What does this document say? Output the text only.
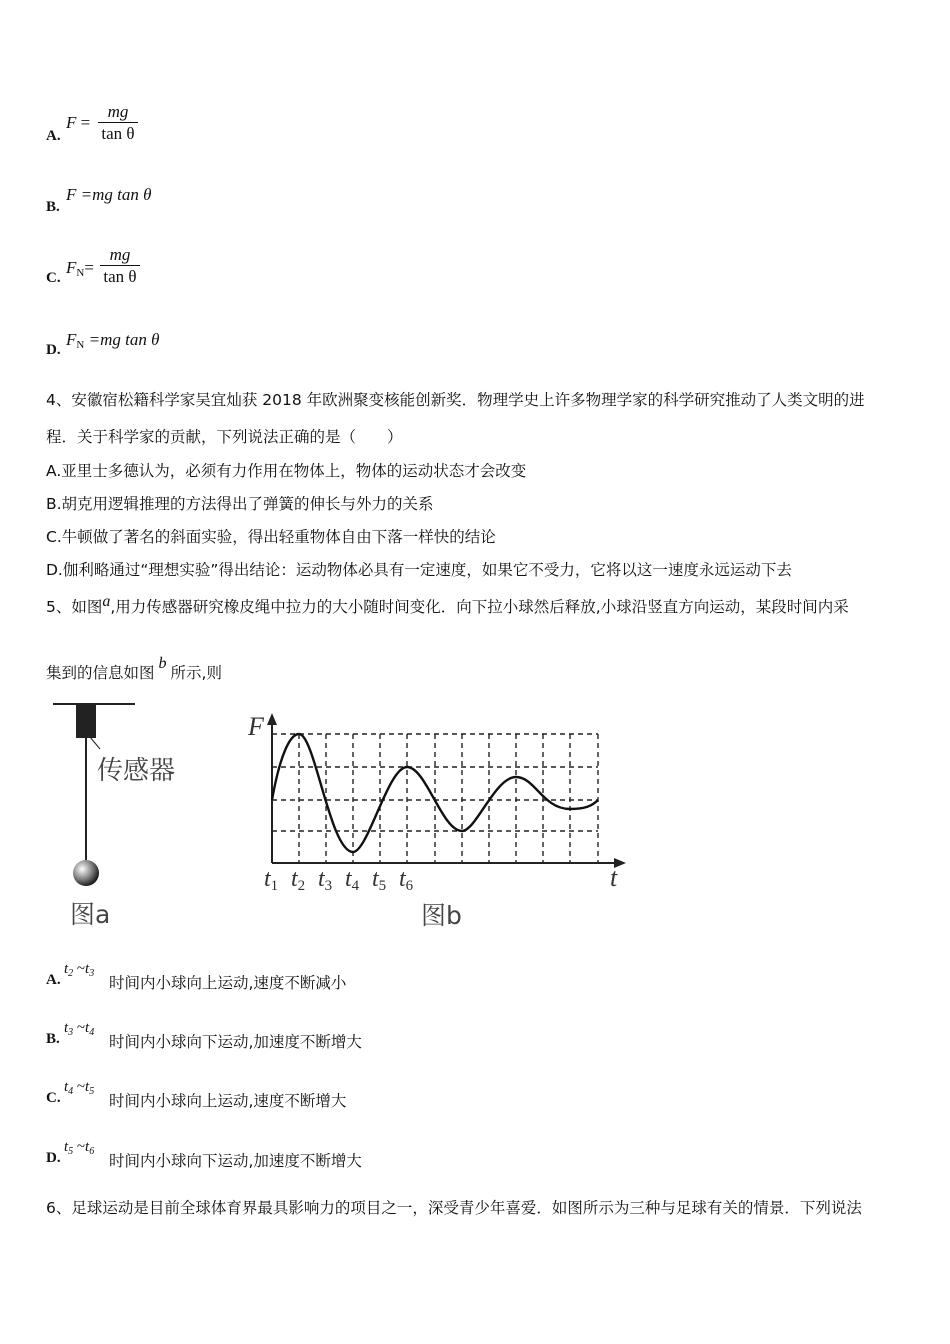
A.
F =
mg
tan θ
B.
F =mg tan θ
C.
$F_N=$
mg
tan θ
D.
$F_N =mg$ tan θ
4、安徽宿松籍科学家吴宜灿获 2018 年欧洲聚变核能创新奖．物理学史上许多物理学家的科学研究推动了人类文明的进
程．关于科学家的贡献，下列说法正确的是（　　）
A.亚里士多德认为，必须有力作用在物体上，物体的运动状态才会改变
B.胡克用逻辑推理的方法得出了弹簧的伸长与外力的关系
C.牛顿做了著名的斜面实验，得出轻重物体自由下落一样快的结论
D.伽利略通过“理想实验”得出结论：运动物体必具有一定速度，如果它不受力，它将以这一速度永远运动下去
5、如图a,用力传感器研究橡皮绳中拉力的大小随时间变化．向下拉小球然后释放,小球沿竖直方向运动，某段时间内采
集到的信息如图b所示,则
传感器
图a
F
t
t1 t2 t3 t4 t5 t6
图b
A.
$t_2$ $\sim t_3$
时间内小球向上运动,速度不断减小
B.
$t_3$ $\sim t_4$
时间内小球向下运动,加速度不断增大
C.
$t_4$ $\sim t_5$
时间内小球向上运动,速度不断增大
D.
$t_5$ $\sim t_6$
时间内小球向下运动,加速度不断增大
6、足球运动是目前全球体育界最具影响力的项目之一，深受青少年喜爱．如图所示为三种与足球有关的情景．下列说法
